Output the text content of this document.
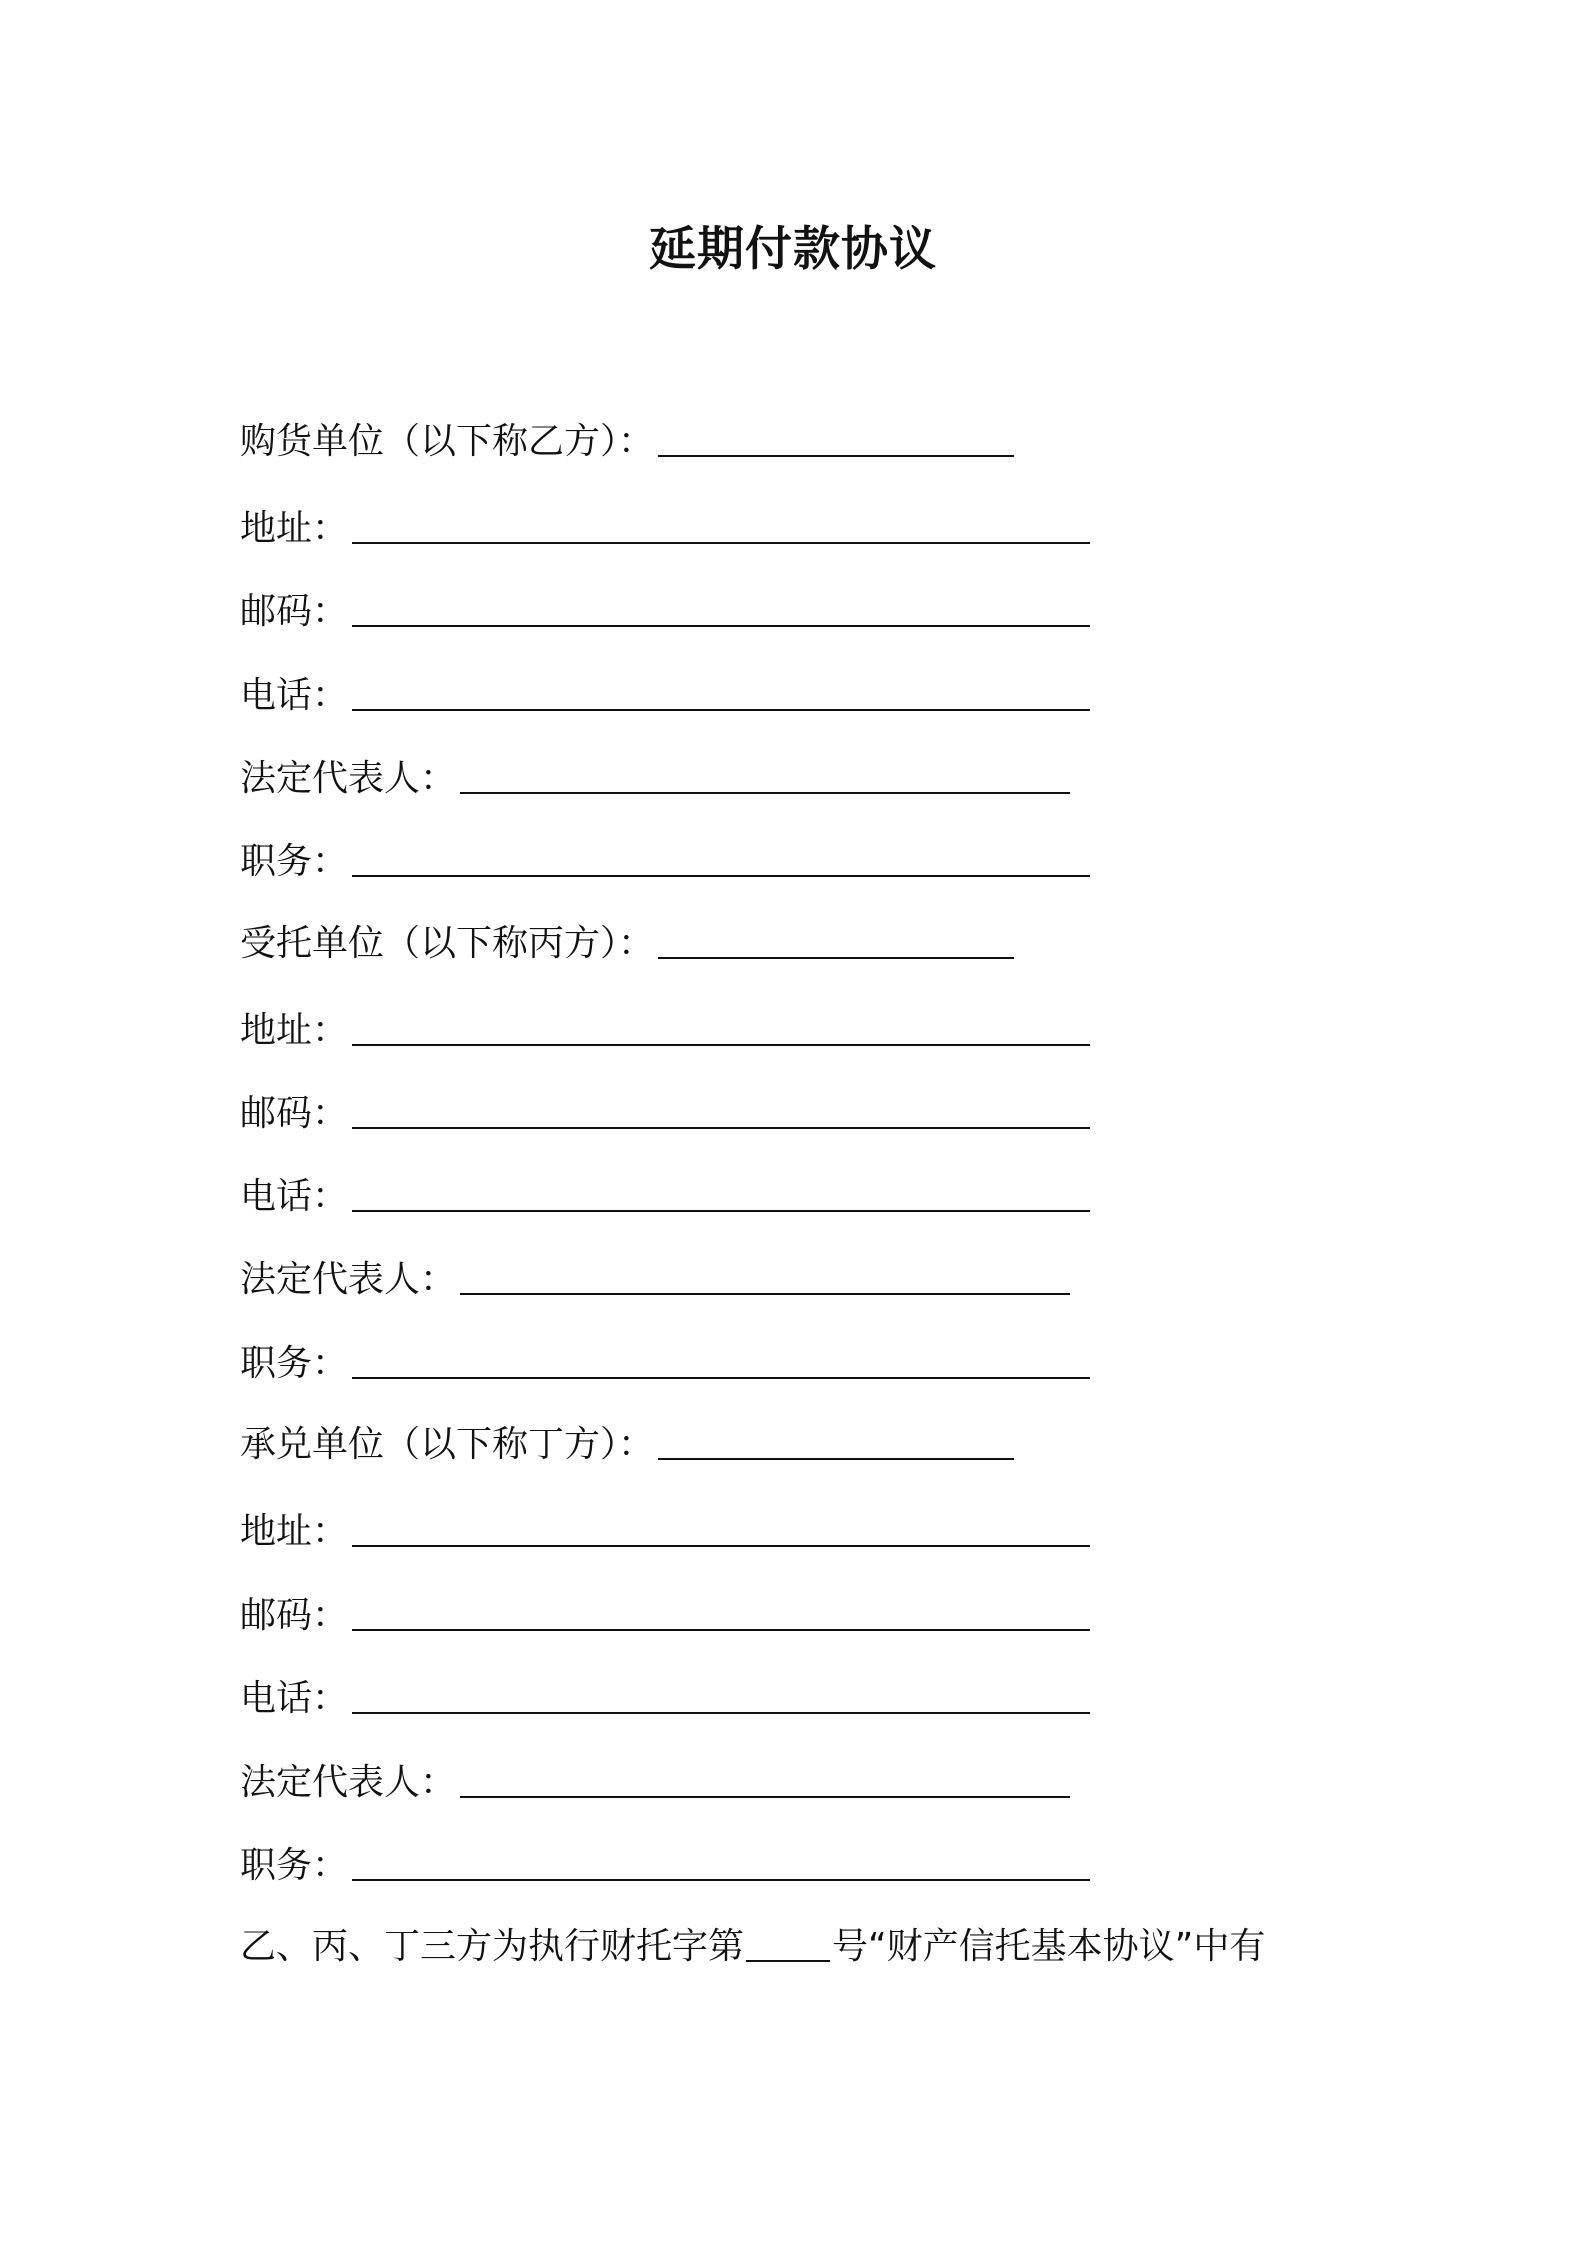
延期付款协议
购货单位（以下称乙方）：
地址：
邮码：
电话：
法定代表人：
职务：
受托单位（以下称丙方）：
地址：
邮码：
电话：
法定代表人：
职务：
承兑单位（以下称丁方）：
地址：
邮码：
电话：
法定代表人：
职务：
乙、丙、丁三方为执行财托字第 号“财产信托基本协议”中有
